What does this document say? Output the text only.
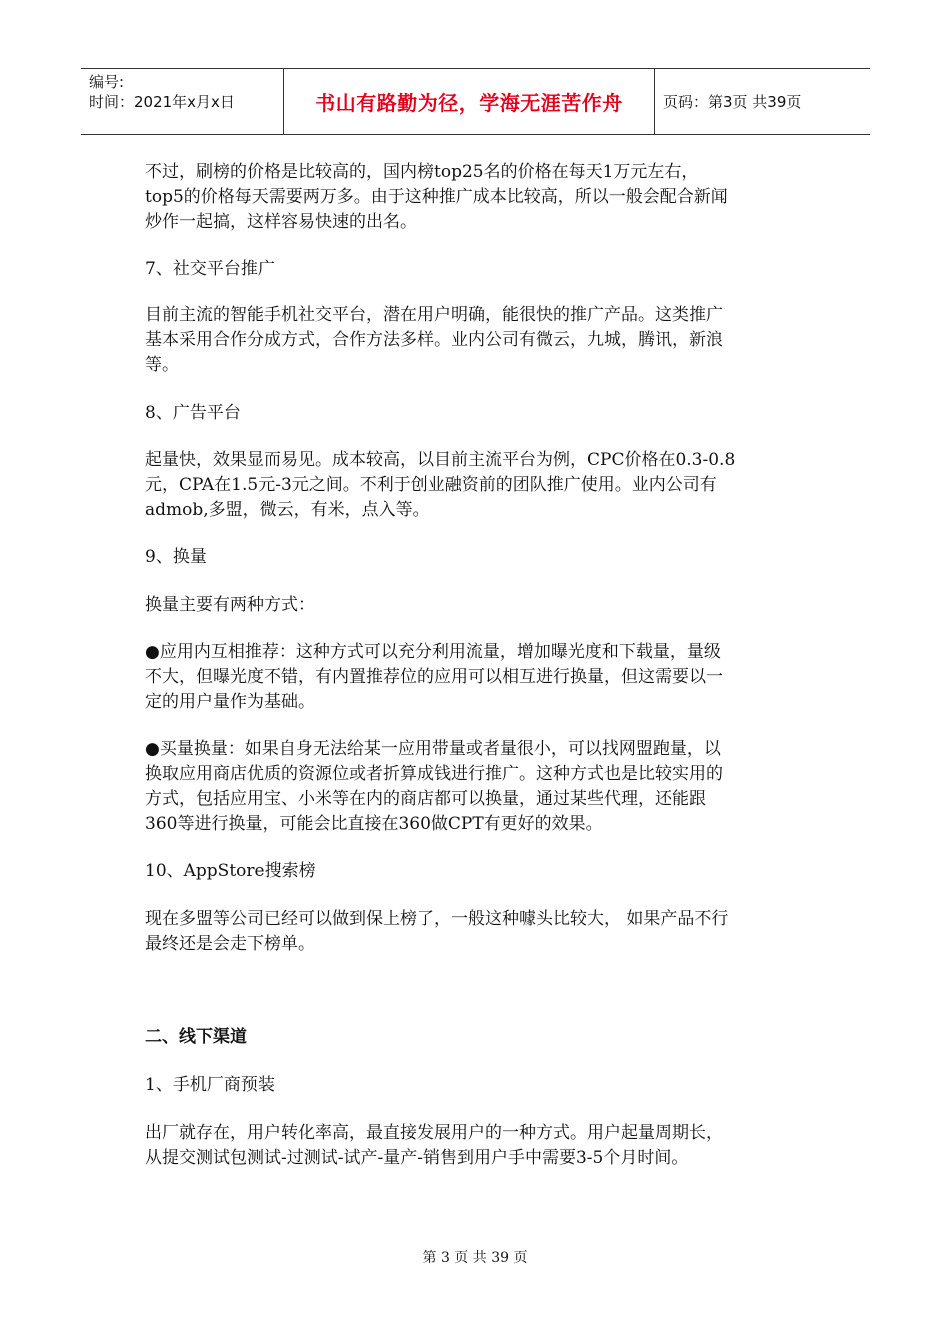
编号:
时间：2021年x月x日	书山有路勤为径，学海无涯苦作舟	页码：第3页 共39页
不过，刷榜的价格是比较高的，国内榜top25名的价格在每天1万元左右，
top5的价格每天需要两万多。由于这种推广成本比较高，所以一般会配合新闻
炒作一起搞，这样容易快速的出名。
7、社交平台推广
目前主流的智能手机社交平台，潜在用户明确，能很快的推广产品。这类推广
基本采用合作分成方式，合作方法多样。业内公司有微云，九城，腾讯，新浪
等。
8、广告平台
起量快，效果显而易见。成本较高，以目前主流平台为例，CPC价格在0.3-0.8
元，CPA在1.5元-3元之间。不利于创业融资前的团队推广使用。业内公司有
admob,多盟，微云，有米，点入等。
9、换量
换量主要有两种方式：
●应用内互相推荐：这种方式可以充分利用流量，增加曝光度和下载量，量级
不大，但曝光度不错，有内置推荐位的应用可以相互进行换量，但这需要以一
定的用户量作为基础。
●买量换量：如果自身无法给某一应用带量或者量很小，可以找网盟跑量，以
换取应用商店优质的资源位或者折算成钱进行推广。这种方式也是比较实用的
方式，包括应用宝、小米等在内的商店都可以换量，通过某些代理，还能跟
360等进行换量，可能会比直接在360做CPT有更好的效果。
10、AppStore搜索榜
现在多盟等公司已经可以做到保上榜了，一般这种噱头比较大， 如果产品不行
最终还是会走下榜单。
二、线下渠道
1、手机厂商预装
出厂就存在，用户转化率高，最直接发展用户的一种方式。用户起量周期长，
从提交测试包测试-过测试-试产-量产-销售到用户手中需要3-5个月时间。
第 3 页 共 39 页
